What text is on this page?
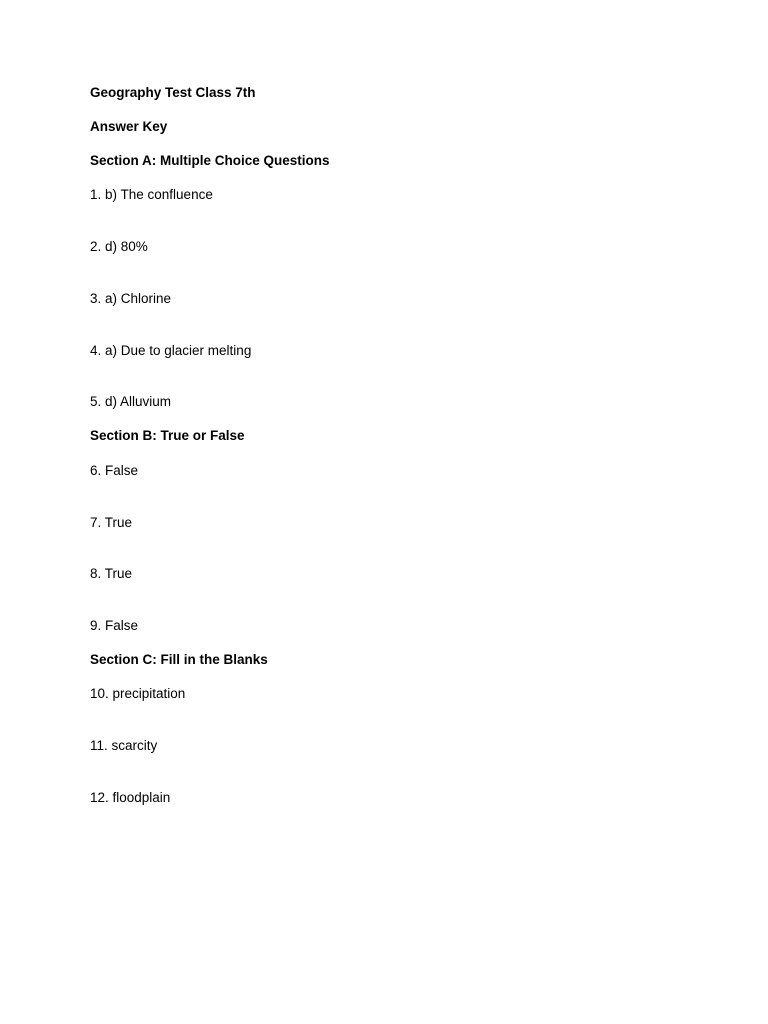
Geography Test Class 7th
Answer Key
Section A: Multiple Choice Questions
1. b) The confluence
2. d) 80%
3. a) Chlorine
4. a) Due to glacier melting
5. d) Alluvium
Section B: True or False
6. False
7. True
8. True
9. False
Section C: Fill in the Blanks
10. precipitation
11. scarcity
12. floodplain
